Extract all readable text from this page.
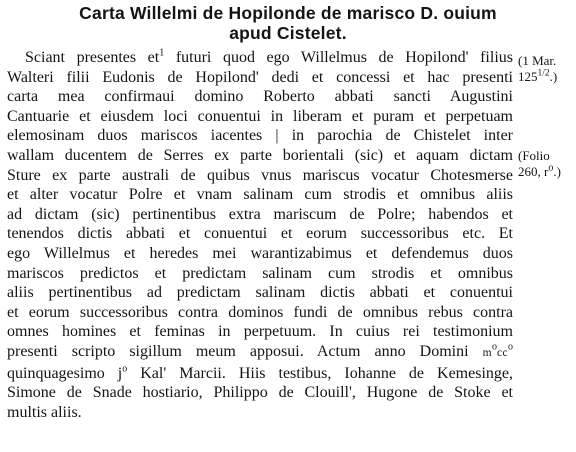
Carta Willelmi de Hopilonde de marisco D. ouium
apud Cistelet.
Sciant presentes $et^1$ futuri quod ego Willelmus de Hopilond' filius
Walteri filii Eudonis de Hopilond' dedi et concessi et hac presenti
carta mea confirmaui domino Roberto abbati sancti Augustini
Cantuarie et eiusdem loci conuentui in liberam et puram et perpetuam
elemosinam duos mariscos iacentes | in parochia de Chistelet inter
wallam ducentem de Serres ex parte borientali (sic) et aquam dictam
Sture ex parte australi de quibus vnus mariscus vocatur Chotesmerse
et alter vocatur Polre et vnam salinam cum strodis et omnibus aliis
ad dictam (sic) pertinentibus extra mariscum de Polre; habendos et
tenendos dictis abbati et conuentui et eorum successoribus etc. Et
ego Willelmus et heredes mei warantizabimus et defendemus duos
mariscos predictos et predictam salinam cum strodis et omnibus
aliis pertinentibus ad predictam salinam dictis abbati et conuentui
et eorum successoribus contra dominos fundi de omnibus rebus contra
omnes homines et feminas in perpetuum. In cuius rei testimonium
presenti scripto sigillum meum apposui. Actum anno Domini $m^occ^o$
quinquagesimo $j^o$ Kal' Marcii. Hiis testibus, Iohanne de Kemesinge,
Simone de Snade hostiario, Philippo de Clouill', Hugone de Stoke et
multis aliis.
(1 Mar.
$125^{1/2}$.)
(Folio
260, $r^o$.)
